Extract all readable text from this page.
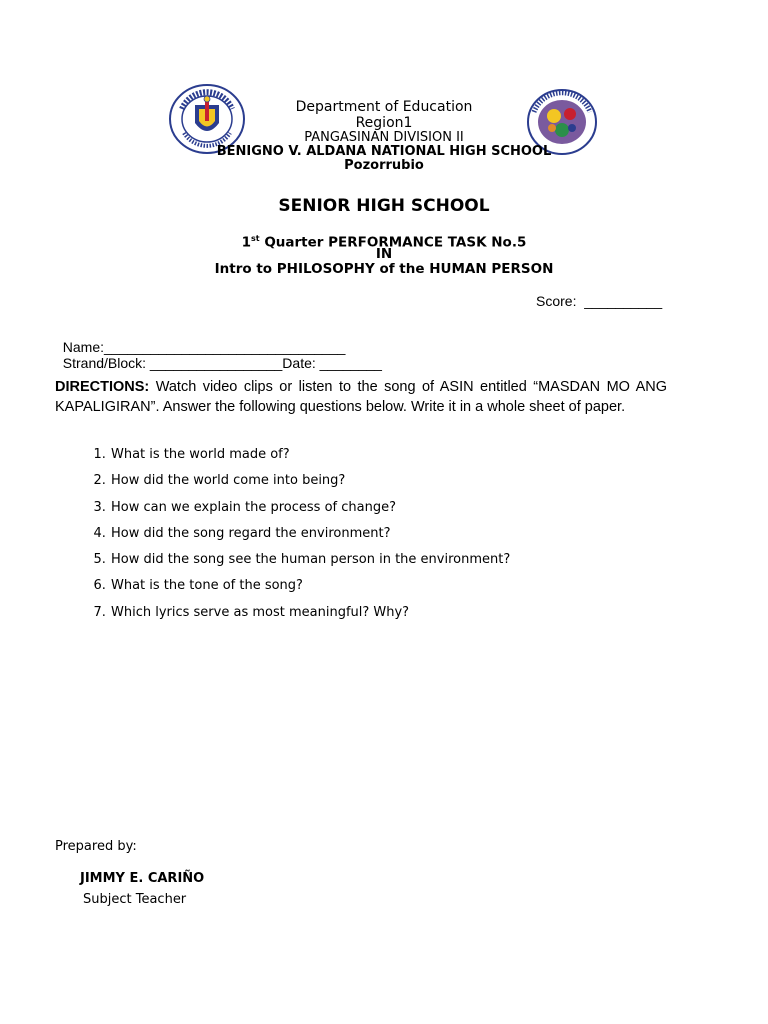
Department of Education
Region1
PANGASINAN DIVISION II
BENIGNO V. ALDANA NATIONAL HIGH SCHOOL
Pozorrubio
SENIOR HIGH SCHOOL
1st Quarter PERFORMANCE TASK No.5
IN
Intro to PHILOSOPHY of the HUMAN PERSON
Score:  __________

Name:_______________________________
Strand/Block: _________________Date: ________

DIRECTIONS: Watch video clips or listen to the song of ASIN entitled “MASDAN MO ANG KAPALIGIRAN”. Answer the following questions below. Write it in a whole sheet of paper.
1. What is the world made of?
2. How did the world come into being?
3. How can we explain the process of change?
4. How did the song regard the environment?
5. How did the song see the human person in the environment?
6. What is the tone of the song?
7. Which lyrics serve as most meaningful? Why?
Prepared by:
JIMMY E. CARIÑO
Subject Teacher
